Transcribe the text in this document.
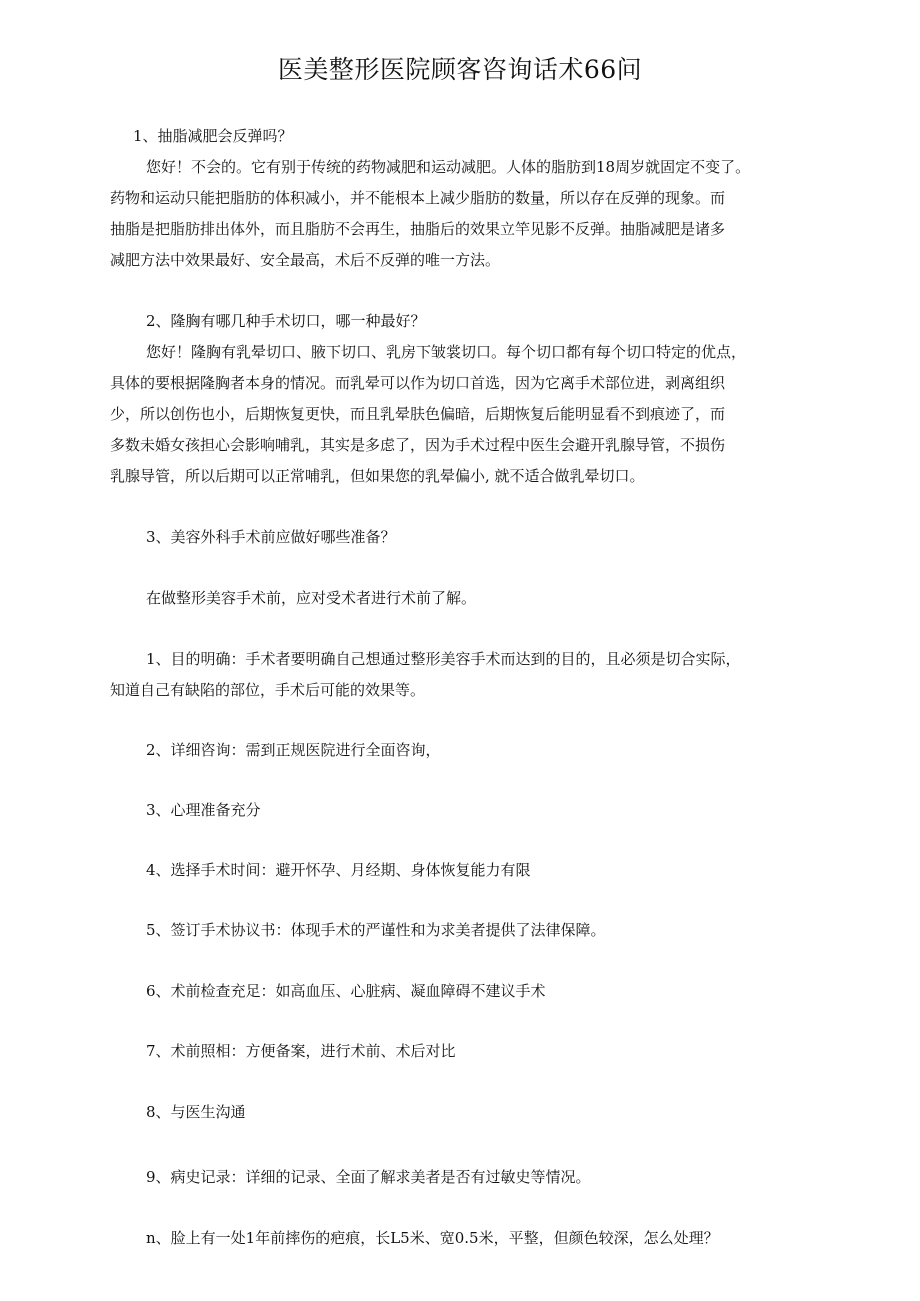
医美整形医院顾客咨询话术66问

1、抽脂减肥会反弹吗？

您好！不会的。它有别于传统的药物减肥和运动减肥。人体的脂肪到18周岁就固定不变了。

药物和运动只能把脂肪的体积减小，并不能根本上减少脂肪的数量，所以存在反弹的现象。而

抽脂是把脂肪排出体外，而且脂肪不会再生，抽脂后的效果立竿见影不反弹。抽脂减肥是诸多

减肥方法中效果最好、安全最高，术后不反弹的唯一方法。

2、隆胸有哪几种手术切口，哪一种最好？

您好！隆胸有乳晕切口、腋下切口、乳房下皱裳切口。每个切口都有每个切口特定的优点，

具体的要根据隆胸者本身的情况。而乳晕可以作为切口首选，因为它离手术部位进，剥离组织

少，所以创伤也小，后期恢复更快，而且乳晕肤色偏暗，后期恢复后能明显看不到痕迹了，而

多数未婚女孩担心会影响哺乳，其实是多虑了，因为手术过程中医生会避开乳腺导管，不损伤

乳腺导管，所以后期可以正常哺乳，但如果您的乳晕偏小, 就不适合做乳晕切口。

3、美容外科手术前应做好哪些准备？

在做整形美容手术前，应对受术者进行术前了解。

1、目的明确：手术者要明确自己想通过整形美容手术而达到的目的，且必须是切合实际，

知道自己有缺陷的部位，手术后可能的效果等。

2、详细咨询：需到正规医院进行全面咨询，

3、心理准备充分

4、选择手术时间：避开怀孕、月经期、身体恢复能力有限

5、签订手术协议书：体现手术的严谨性和为求美者提供了法律保障。

6、术前检查充足：如高血压、心脏病、凝血障碍不建议手术

7、术前照相：方便备案，进行术前、术后对比

8、与医生沟通

9、病史记录：详细的记录、全面了解求美者是否有过敏史等情况。

n、脸上有一处1年前摔伤的疤痕，长L5米、宽0.5米，平整，但颜色较深，怎么处理？
